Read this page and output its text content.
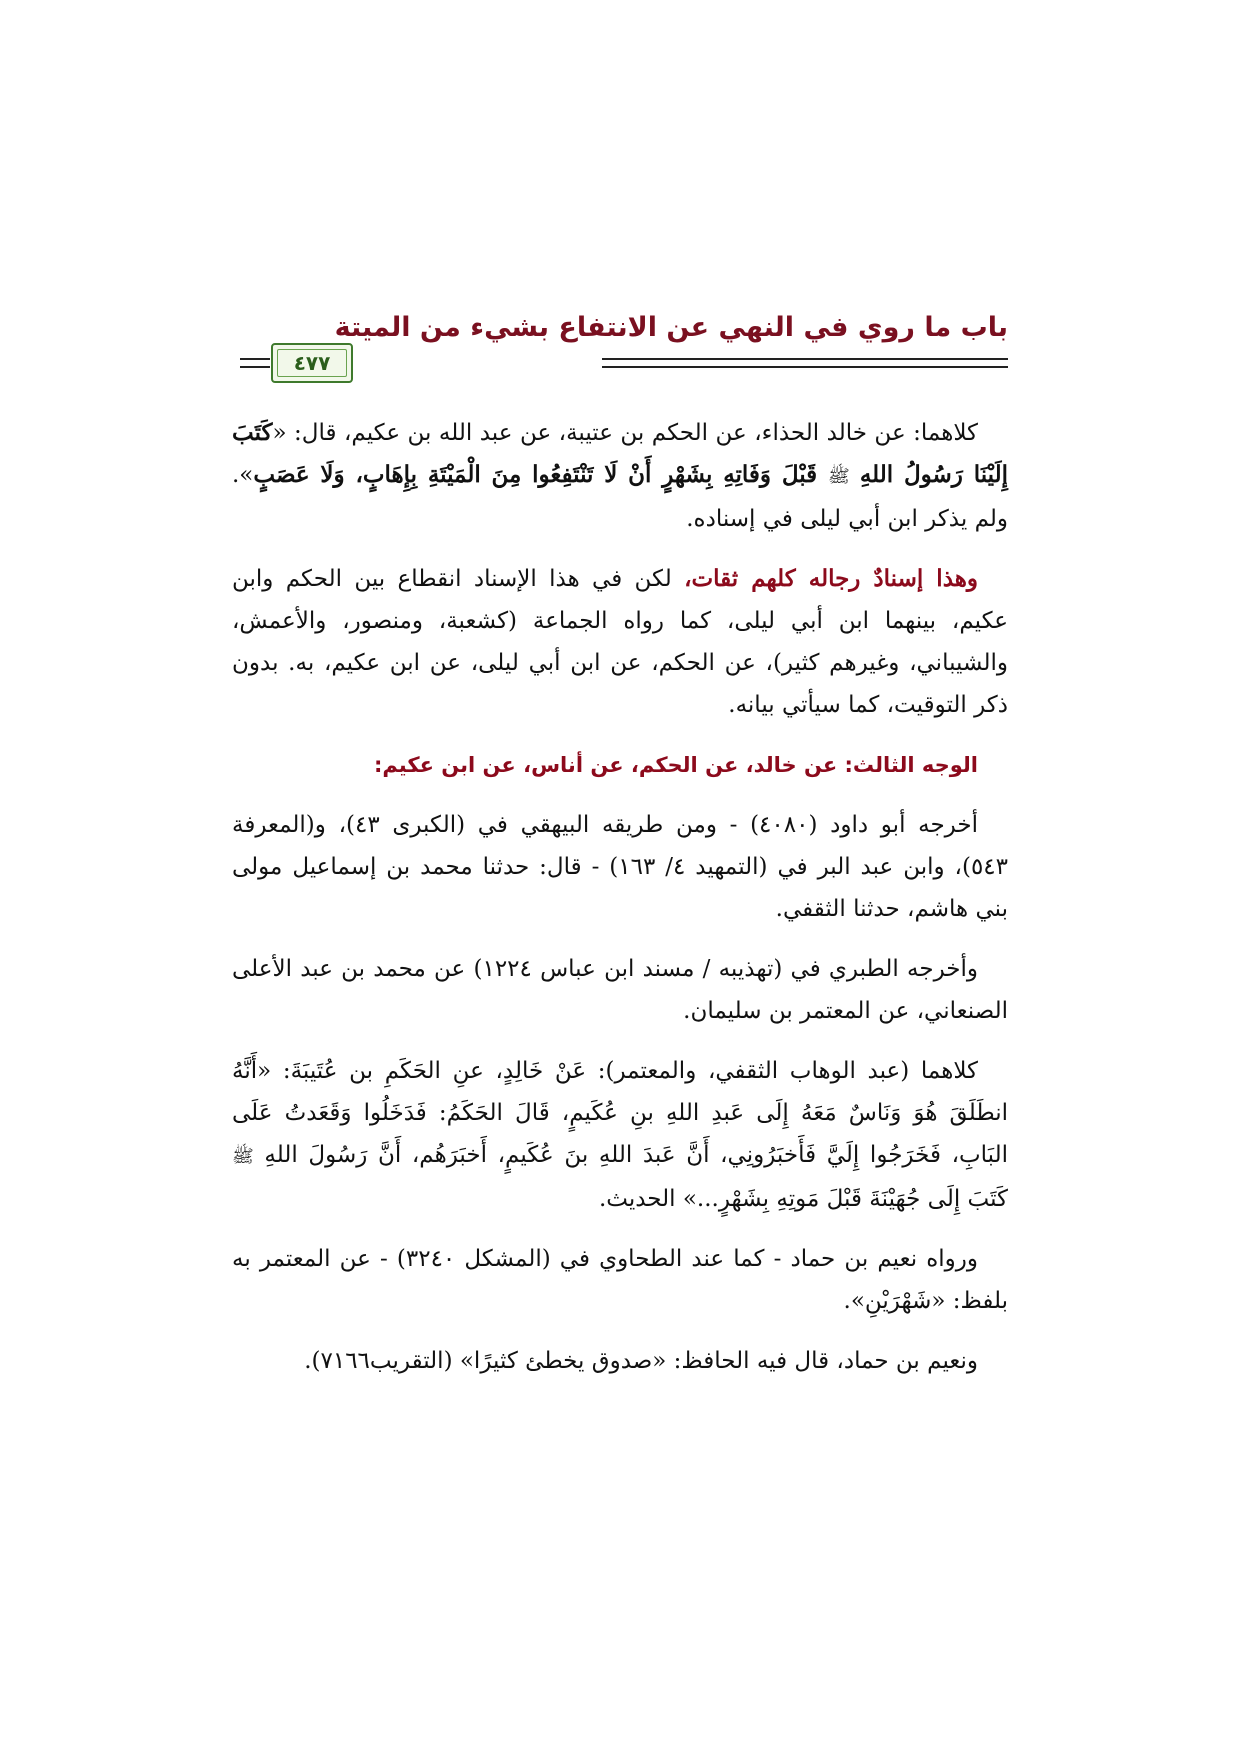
باب ما روي في النهي عن الانتفاع بشيء من الميتة
٤٧٧

كلاهما: عن خالد الحذاء، عن الحكم بن عتيبة، عن عبد الله بن عكيم، قال: «كَتَبَ إِلَيْنَا رَسُولُ اللهِ ﷺ قَبْلَ وَفَاتِهِ بِشَهْرٍ أَنْ لَا تَنْتَفِعُوا مِنَ الْمَيْتَةِ بِإِهَابٍ، وَلَا عَصَبٍ». ولم يذكر ابن أبي ليلى في إسناده.

وهذا إسنادٌ رجاله كلهم ثقات، لكن في هذا الإسناد انقطاع بين الحكم وابن عكيم، بينهما ابن أبي ليلى، كما رواه الجماعة (كشعبة، ومنصور، والأعمش، والشيباني، وغيرهم كثير)، عن الحكم، عن ابن أبي ليلى، عن ابن عكيم، به. بدون ذكر التوقيت، كما سيأتي بيانه.

الوجه الثالث: عن خالد، عن الحكم، عن أناس، عن ابن عكيم:

أخرجه أبو داود (٤٠٨٠) - ومن طريقه البيهقي في (الكبرى ٤٣)، و(المعرفة ٥٤٣)، وابن عبد البر في (التمهيد ٤/ ١٦٣) - قال: حدثنا محمد بن إسماعيل مولى بني هاشم، حدثنا الثقفي.

وأخرجه الطبري في (تهذيبه / مسند ابن عباس ١٢٢٤) عن محمد بن عبد الأعلى الصنعاني، عن المعتمر بن سليمان.

كلاهما (عبد الوهاب الثقفي، والمعتمر): عَنْ خَالِدٍ، عنِ الحَكَمِ بن عُتَيبَةَ: «أَنَّهُ انطَلَقَ هُوَ وَنَاسٌ مَعَهُ إِلَى عَبدِ اللهِ بنِ عُكَيمٍ، قَالَ الحَكَمُ: فَدَخَلُوا وَقَعَدتُ عَلَى البَابِ، فَخَرَجُوا إِلَيَّ فَأَخبَرُونِي، أَنَّ عَبدَ اللهِ بنَ عُكَيمٍ، أَخبَرَهُم، أَنَّ رَسُولَ اللهِ ﷺ كَتَبَ إِلَى جُهَيْنَةَ قَبْلَ مَوتِهِ بِشَهْرٍ...» الحديث.

ورواه نعيم بن حماد - كما عند الطحاوي في (المشكل ٣٢٤٠) - عن المعتمر به بلفظ: «شَهْرَيْنِ».

ونعيم بن حماد، قال فيه الحافظ: «صدوق يخطئ كثيرًا» (التقريب٧١٦٦).
